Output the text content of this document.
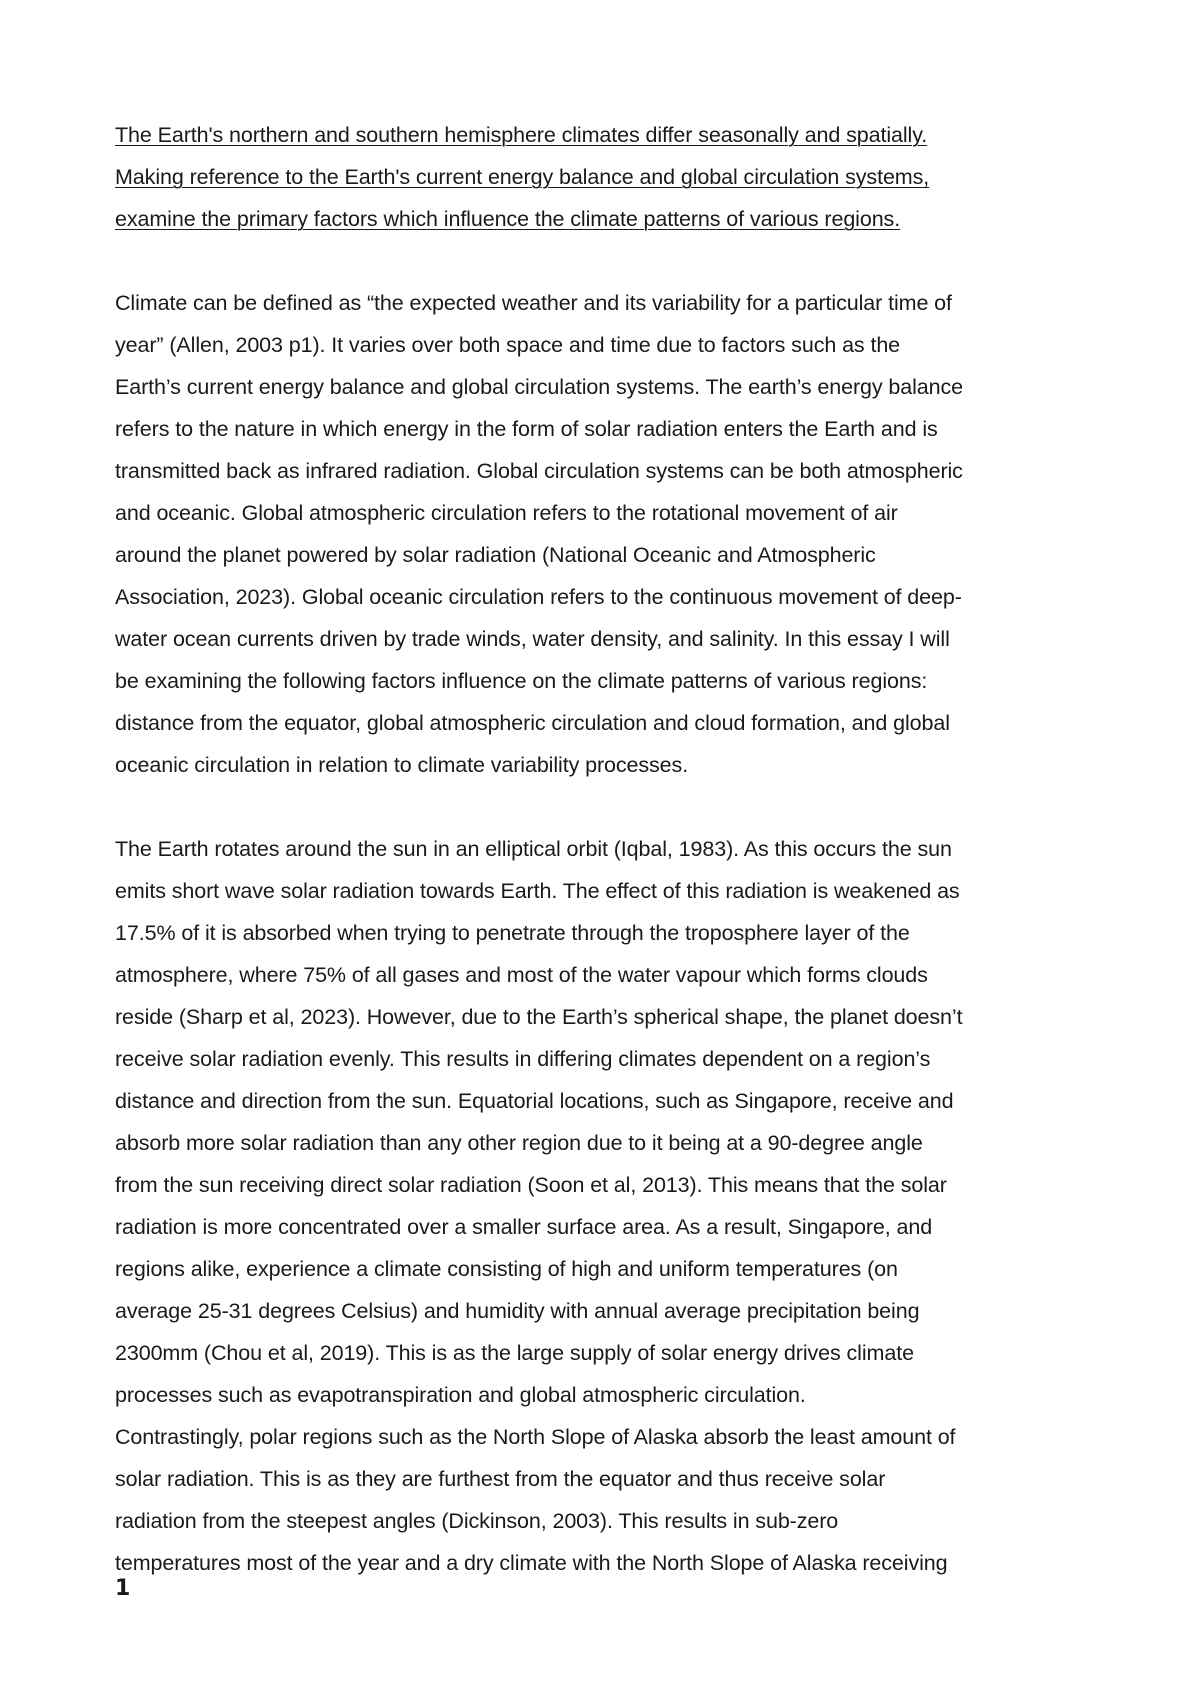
The Earth's northern and southern hemisphere climates differ seasonally and spatially.
Making reference to the Earth's current energy balance and global circulation systems,
examine the primary factors which influence the climate patterns of various regions.
Climate can be defined as “the expected weather and its variability for a particular time of
year” (Allen, 2003 p1). It varies over both space and time due to factors such as the
Earth’s current energy balance and global circulation systems. The earth’s energy balance
refers to the nature in which energy in the form of solar radiation enters the Earth and is
transmitted back as infrared radiation. Global circulation systems can be both atmospheric
and oceanic. Global atmospheric circulation refers to the rotational movement of air
around the planet powered by solar radiation (National Oceanic and Atmospheric
Association, 2023). Global oceanic circulation refers to the continuous movement of deep-
water ocean currents driven by trade winds, water density, and salinity. In this essay I will
be examining the following factors influence on the climate patterns of various regions:
distance from the equator, global atmospheric circulation and cloud formation, and global
oceanic circulation in relation to climate variability processes.
The Earth rotates around the sun in an elliptical orbit (Iqbal, 1983). As this occurs the sun
emits short wave solar radiation towards Earth. The effect of this radiation is weakened as
17.5% of it is absorbed when trying to penetrate through the troposphere layer of the
atmosphere, where 75% of all gases and most of the water vapour which forms clouds
reside (Sharp et al, 2023). However, due to the Earth’s spherical shape, the planet doesn’t
receive solar radiation evenly. This results in differing climates dependent on a region’s
distance and direction from the sun. Equatorial locations, such as Singapore, receive and
absorb more solar radiation than any other region due to it being at a 90-degree angle
from the sun receiving direct solar radiation (Soon et al, 2013). This means that the solar
radiation is more concentrated over a smaller surface area. As a result, Singapore, and
regions alike, experience a climate consisting of high and uniform temperatures (on
average 25-31 degrees Celsius) and humidity with annual average precipitation being
2300mm (Chou et al, 2019). This is as the large supply of solar energy drives climate
processes such as evapotranspiration and global atmospheric circulation.
Contrastingly, polar regions such as the North Slope of Alaska absorb the least amount of
solar radiation. This is as they are furthest from the equator and thus receive solar
radiation from the steepest angles (Dickinson, 2003). This results in sub-zero
temperatures most of the year and a dry climate with the North Slope of Alaska receiving
1
